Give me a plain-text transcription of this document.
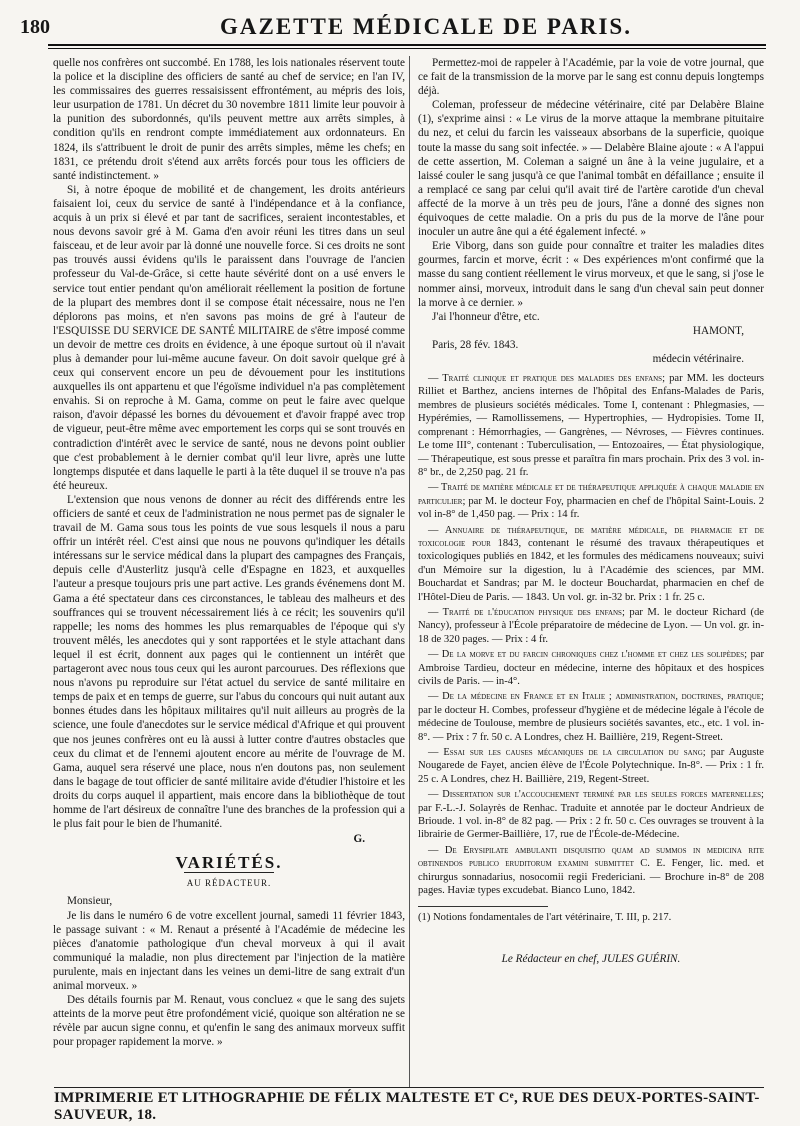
180	GAZETTE MÉDICALE DE PARIS.

quelle nos confrères ont succombé. En 1788, les lois nationales réservent toute la police et la discipline des officiers de santé au chef de service; en l'an IV, les commissaires des guerres ressaisissent effrontément, au mépris des lois, leur usurpation de 1781. Un décret du 30 novembre 1811 limite leur pouvoir à la punition des subordonnés, qu'ils peuvent mettre aux arrêts simples, à condition qu'ils en rendront compte immédiatement aux ordonnateurs. En 1824, ils s'attribuent le droit de punir des arrêts simples, même les chefs; en 1831, ce prétendu droit s'étend aux arrêts forcés pour tous les officiers de santé indistinctement. »

Si, à notre époque de mobilité et de changement, les droits antérieurs faisaient loi, ceux du service de santé à l'indépendance et à la confiance, acquis à un prix si élevé et par tant de sacrifices, seraient incontestables, et nous devons savoir gré à M. Gama d'en avoir réuni les titres dans un seul faisceau, et de leur avoir par là donné une nouvelle force. Si ces droits ne sont pas trouvés aussi évidens qu'ils le paraissent dans l'ouvrage de l'ancien professeur du Val-de-Grâce, si cette haute sévérité dont on a usé envers le service tout entier pendant qu'on améliorait réellement la position de fortune de la plupart des membres dont il se compose était nécessaire, nous ne l'en déplorons pas moins, et n'en savons pas moins de gré à l'auteur de l'ESQUISSE DU SERVICE DE SANTÉ MILITAIRE de s'être imposé comme un devoir de mettre ces droits en évidence, à une époque surtout où il n'avait plus à demander pour lui-même aucune faveur. On doit savoir quelque gré à ceux qui conservent encore un peu de dévouement pour les institutions auxquelles ils ont appartenu et que l'égoïsme individuel n'a pas complètement envahis. Si on reproche à M. Gama, comme on peut le faire avec quelque raison, d'avoir dépassé les bornes du dévouement et d'avoir frappé avec trop de vigueur, peut-être même avec emportement les corps qui se sont trouvés en contradiction d'intérêt avec le service de santé, nous ne devons point oublier que c'est probablement à le dernier combat qu'il leur livre, après une lutte longtemps disputée et dans laquelle le parti à la tête duquel il se trouve n'a pas été heureux.

L'extension que nous venons de donner au récit des différends entre les officiers de santé et ceux de l'administration ne nous permet pas de signaler le travail de M. Gama sous tous les points de vue sous lesquels il nous a paru offrir un intérêt réel. C'est ainsi que nous ne pouvons qu'indiquer les détails intéressans sur le service médical dans la plupart des campagnes des Français, depuis celle d'Austerlitz jusqu'à celle d'Espagne en 1823, et auxquelles l'auteur a presque toujours pris une part active. Les grands événemens dont M. Gama a été spectateur dans ces circonstances, le tableau des malheurs et des souffrances qui se trouvent nécessairement liés à ce récit; les souvenirs qu'il rappelle; les noms des hommes les plus remarquables de l'époque qui s'y trouvent mêlés, les anecdotes qui y sont rapportées et le style attachant dans lequel il est écrit, donnent aux pages qui le contiennent un intérêt que partageront avec nous tous ceux qui les auront parcourues. Des réflexions que nous n'avons pu reproduire sur l'état actuel du service de santé militaire en temps de paix et en temps de guerre, sur l'abus du concours qui nuit autant aux bonnes études dans les hôpitaux militaires qu'il nuit ailleurs au progrès de la science, une foule d'anecdotes sur le service médical d'Afrique et qui prouvent que nos jeunes confrères ont eu là aussi à lutter contre d'autres obstacles que ceux du climat et de l'ennemi ajoutent encore au mérite de l'ouvrage de M. Gama, auquel sera réservé une place, nous n'en doutons pas, non seulement dans le bagage de tout officier de santé militaire avide d'étudier l'histoire et les droits du corps auquel il appartient, mais encore dans la bibliothèque de tout homme de l'art désireux de connaître l'une des branches de la profession qui a le plus fait pour le bien de l'humanité.

G.

VARIÉTÉS.
AU RÉDACTEUR.

Monsieur,

Je lis dans le numéro 6 de votre excellent journal, samedi 11 février 1843, le passage suivant : « M. Renaut a présenté à l'Académie de médecine les pièces d'anatomie pathologique d'un cheval morveux à qui il avait communiqué la maladie, non plus directement par l'injection de la matière purulente, mais en injectant dans les veines un demi-litre de sang extrait d'un animal morveux. »

Des détails fournis par M. Renaut, vous concluez « que le sang des sujets atteints de la morve peut être profondément vicié, quoique son altération ne se révèle par aucun signe connu, et qu'enfin le sang des animaux morveux suffit pour propager rapidement la morve. »

Permettez-moi de rappeler à l'Académie, par la voie de votre journal, que ce fait de la transmission de la morve par le sang est connu depuis longtemps déjà.

Coleman, professeur de médecine vétérinaire, cité par Delabère Blaine (1), s'exprime ainsi : « Le virus de la morve attaque la membrane pituitaire du nez, et celui du farcin les vaisseaux absorbans de la superficie, quoique toute la masse du sang soit infectée. » — Delabère Blaine ajoute : « A l'appui de cette assertion, M. Coleman a saigné un âne à la veine jugulaire, et a laissé couler le sang jusqu'à ce que l'animal tombât en défaillance ; ensuite il a remplacé ce sang par celui qu'il avait tiré de l'artère carotide d'un cheval affecté de la morve à un très peu de jours, l'âne a donné des signes non équivoques de cette maladie. On a pris du pus de la morve de l'âne pour inoculer un autre âne qui a été également infecté. »

Erie Viborg, dans son guide pour connaître et traiter les maladies dites gourmes, farcin et morve, écrit : « Des expériences m'ont confirmé que la masse du sang contient réellement le virus morveux, et que le sang, si j'ose le nommer ainsi, morveux, introduit dans le sang d'un cheval sain peut donner la morve à ce dernier. »

J'ai l'honneur d'être, etc.

HAMONT,

Paris, 28 fév. 1843.

médecin vétérinaire.

— Traité clinique et pratique des maladies des enfans; par MM. les docteurs Rilliet et Barthez, anciens internes de l'hôpital des Enfans-Malades de Paris, membres de plusieurs sociétés médicales. Tome I, contenant : Phlegmasies, — Hypérémies, — Ramollissemens, — Hypertrophies, — Hydropisies. Tome II, comprenant : Hémorrhagies, — Gangrènes, — Névroses, — Fièvres continues. Le tome III°, contenant : Tuberculisation, — Entozoaires, — État physiologique, — Thérapeutique, est sous presse et paraîtra fin mars prochain. Prix des 3 vol. in-8° br., de 2,250 pag. 21 fr.

— Traité de matière médicale et de thérapeutique appliquée à chaque maladie en particulier; par M. le docteur Foy, pharmacien en chef de l'hôpital Saint-Louis. 2 vol in-8° de 1,450 pag. — Prix : 14 fr.

— Annuaire de thérapeutique, de matière médicale, de pharmacie et de toxicologie pour 1843, contenant le résumé des travaux thérapeutiques et toxicologiques publiés en 1842, et les formules des médicamens nouveaux; suivi d'un Mémoire sur la digestion, lu à l'Académie des sciences, par MM. Bouchardat et Sandras; par M. le docteur Bouchardat, pharmacien en chef de l'Hôtel-Dieu de Paris. — 1843. Un vol. gr. in-32 br. Prix : 1 fr. 25 c.

— Traité de l'éducation physique des enfans; par M. le docteur Richard (de Nancy), professeur à l'École préparatoire de médecine de Lyon. — Un vol. gr. in-18 de 320 pages. — Prix : 4 fr.

— De la morve et du farcin chroniques chez l'homme et chez les solipèdes; par Ambroise Tardieu, docteur en médecine, interne des hôpitaux et des hospices civils de Paris. — in-4°.

— De la médecine en France et en Italie ; administration, doctrines, pratique; par le docteur H. Combes, professeur d'hygiène et de médecine légale à l'école de médecine de Toulouse, membre de plusieurs sociétés savantes, etc., etc. 1 vol. in-8°. — Prix : 7 fr. 50 c. A Londres, chez H. Baillière, 219, Regent-Street.

— Essai sur les causes mécaniques de la circulation du sang; par Auguste Nougarede de Fayet, ancien élève de l'École Polytechnique. In-8°. — Prix : 1 fr. 25 c. A Londres, chez H. Baillière, 219, Regent-Street.

— Dissertation sur l'accouchement terminé par les seules forces maternelles; par F.-L.-J. Solayrès de Renhac. Traduite et annotée par le docteur Andrieux de Brioude. 1 vol. in-8° de 82 pag. — Prix : 2 fr. 50 c. Ces ouvrages se trouvent à la librairie de Germer-Baillière, 17, rue de l'École-de-Médecine.

— De Erysipilate ambulanti disquisitio quam ad summos in medicina rite obtinendos publico eruditorum examini submittet C. E. Fenger, lic. med. et chirurgus sonnadarius, nosocomii regii Fredericiani. — Brochure in-8° de 208 pages. Haviæ types excudebat. Bianco Luno, 1842.

(1) Notions fondamentales de l'art vétérinaire, T. III, p. 217.

Le Rédacteur en chef, JULES GUÉRIN.

IMPRIMERIE ET LITHOGRAPHIE DE FÉLIX MALTESTE ET Cᵉ, RUE DES DEUX-PORTES-SAINT-SAUVEUR, 18.
